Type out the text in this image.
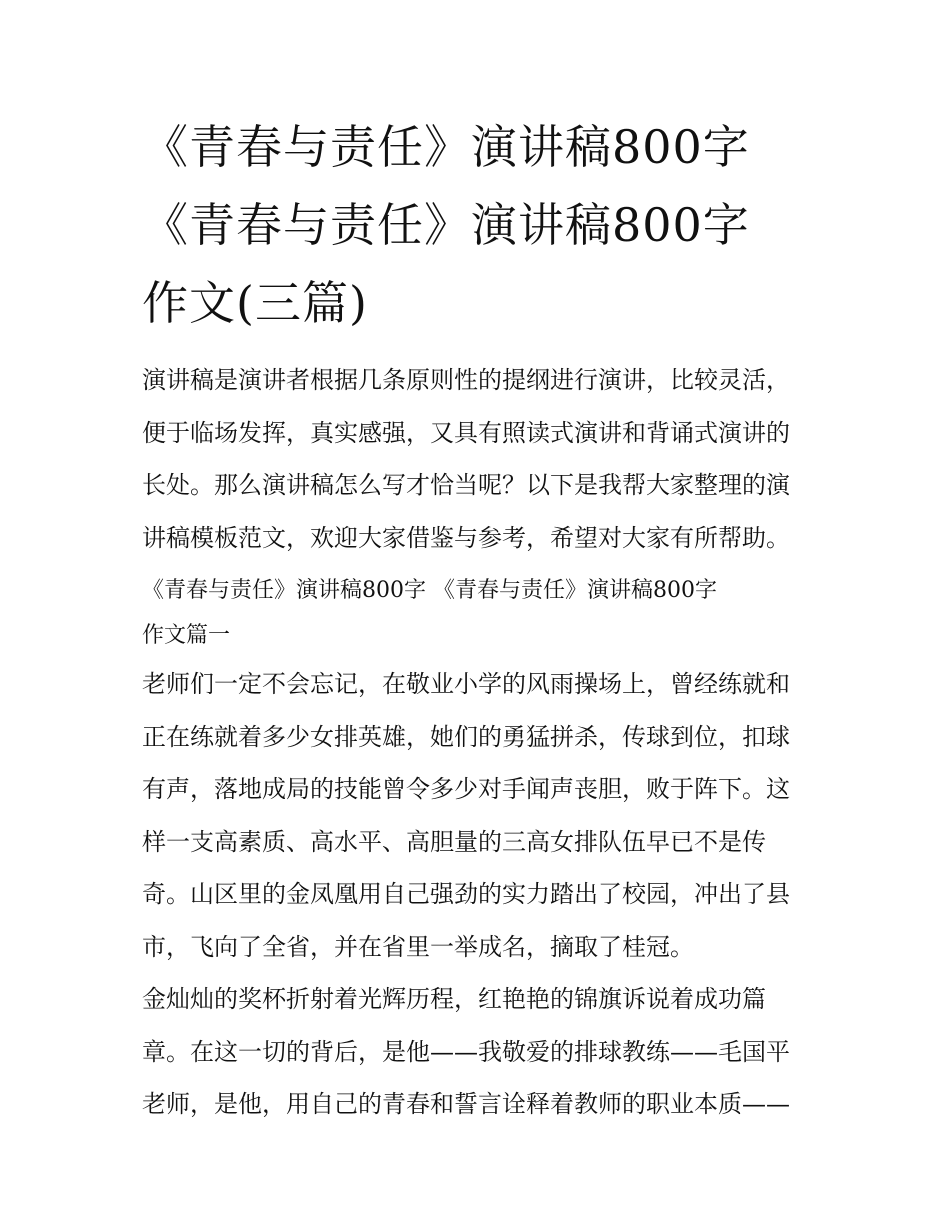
《青春与责任》演讲稿800字
《青春与责任》演讲稿800字
作文(三篇)

演讲稿是演讲者根据几条原则性的提纲进行演讲，比较灵活，
便于临场发挥，真实感强，又具有照读式演讲和背诵式演讲的
长处。那么演讲稿怎么写才恰当呢？以下是我帮大家整理的演
讲稿模板范文，欢迎大家借鉴与参考，希望对大家有所帮助。

《青春与责任》演讲稿800字 《青春与责任》演讲稿800字
作文篇一

老师们一定不会忘记，在敬业小学的风雨操场上，曾经练就和
正在练就着多少女排英雄，她们的勇猛拼杀，传球到位，扣球
有声，落地成局的技能曾令多少对手闻声丧胆，败于阵下。这
样一支高素质、高水平、高胆量的三高女排队伍早已不是传
奇。山区里的金凤凰用自己强劲的实力踏出了校园，冲出了县
市，飞向了全省，并在省里一举成名，摘取了桂冠。

金灿灿的奖杯折射着光辉历程，红艳艳的锦旗诉说着成功篇
章。在这一切的背后，是他——我敬爱的排球教练——毛国平
老师，是他，用自己的青春和誓言诠释着教师的职业本质——
